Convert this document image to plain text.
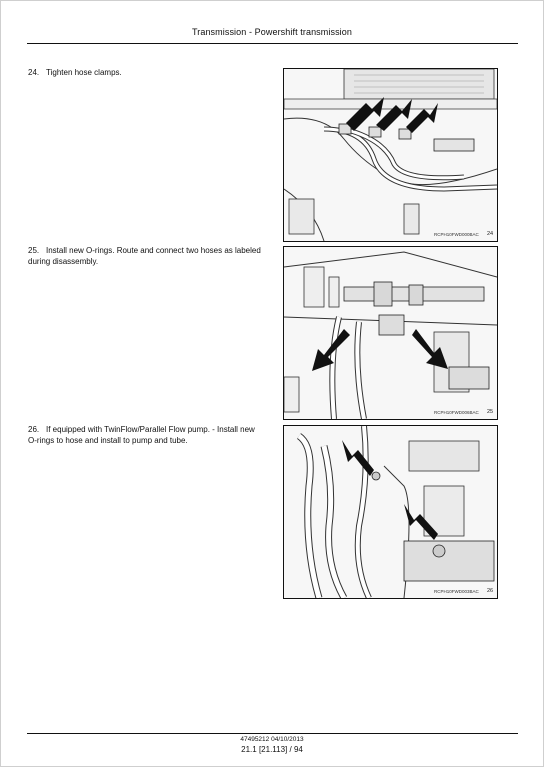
Transmission - Powershift transmission
24. Tighten hose clamps.
RCPH10FWD000BAC 24
25. Install new O-rings. Route and connect two hoses as labeled during disassembly.
RCPH10FWD006BAC 25
26. If equipped with TwinFlow/Parallel Flow pump. - Install new O-rings to hose and install to pump and tube.
RCPH10FWD003BAC 26
47495212 04/10/2013
21.1 [21.113] / 94
